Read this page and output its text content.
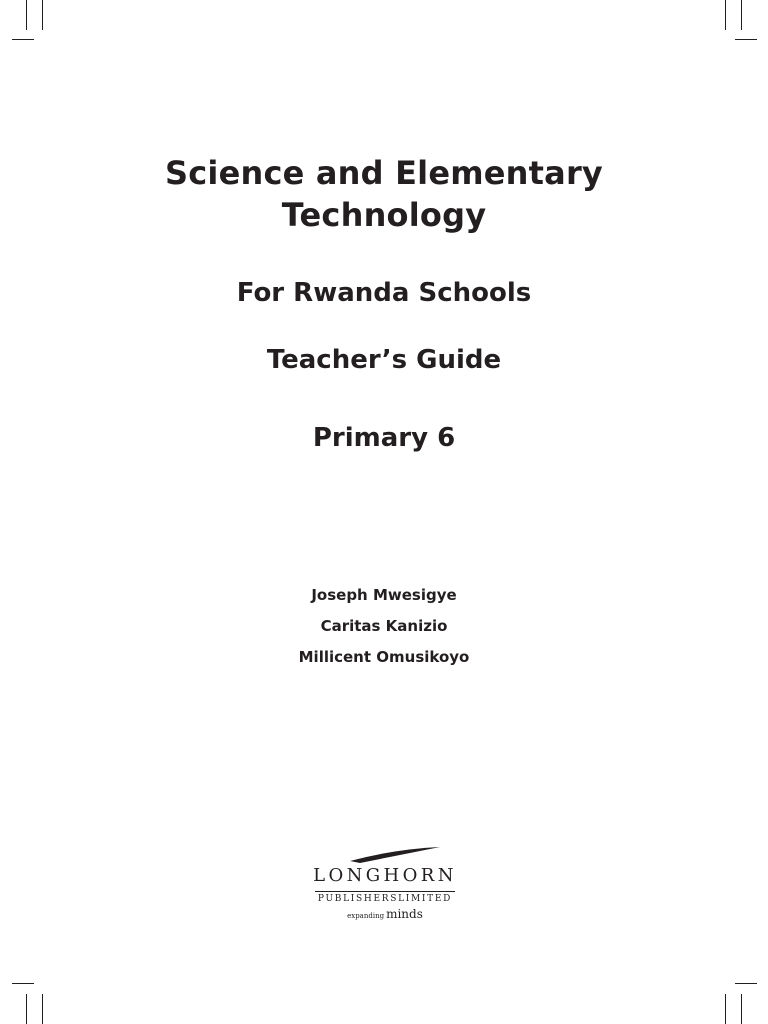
Science and Elementary
Technology
For Rwanda Schools
Teacher’s Guide
Primary 6
Joseph Mwesigye
Caritas Kanizio
Millicent Omusikoyo
LONGHORN
PUBLISHERSLIMITED
expanding minds
